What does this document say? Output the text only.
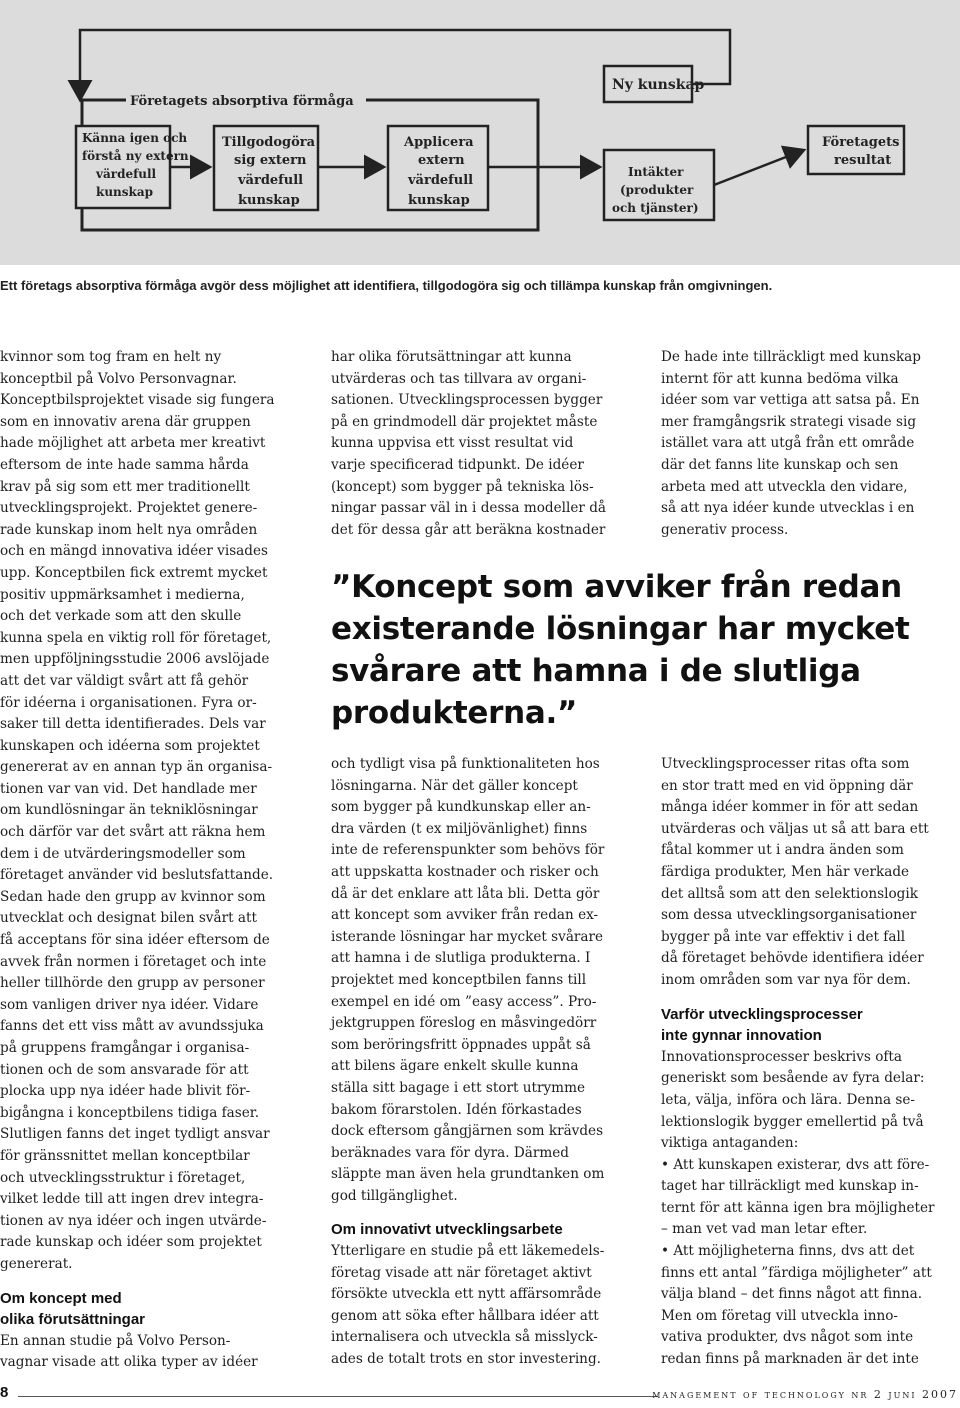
Företagets absorptiva förmåga
Känna igen och förstå ny extern värdefull kunskap
Tillgodogöra sig extern värdefull kunskap
Applicera extern värdefull kunskap
Ny kunskap
Intäkter (produkter och tjänster)
Företagets resultat
Ett företags absorptiva förmåga avgör dess möjlighet att identifiera, tillgodogöra sig och tillämpa kunskap från omgivningen.

kvinnor som tog fram en helt ny
konceptbil på Volvo Personvagnar.
Konceptbilsprojektet visade sig fungera
som en innovativ arena där gruppen
hade möjlighet att arbeta mer kreativt
eftersom de inte hade samma hårda
krav på sig som ett mer traditionellt
utvecklingsprojekt. Projektet genere-
rade kunskap inom helt nya områden
och en mängd innovativa idéer visades
upp. Konceptbilen fick extremt mycket
positiv uppmärksamhet i medierna,
och det verkade som att den skulle
kunna spela en viktig roll för företaget,
men uppföljningsstudie 2006 avslöjade
att det var väldigt svårt att få gehör
för idéerna i organisationen. Fyra or-
saker till detta identifierades. Dels var
kunskapen och idéerna som projektet
genererat av en annan typ än organisa-
tionen var van vid. Det handlade mer
om kundlösningar än tekniklösningar
och därför var det svårt att räkna hem
dem i de utvärderingsmodeller som
företaget använder vid beslutsfattande.
Sedan hade den grupp av kvinnor som
utvecklat och designat bilen svårt att
få acceptans för sina idéer eftersom de
avvek från normen i företaget och inte
heller tillhörde den grupp av personer
som vanligen driver nya idéer. Vidare
fanns det ett viss mått av avundssjuka
på gruppens framgångar i organisa-
tionen och de som ansvarade för att
plocka upp nya idéer hade blivit för-
bigångna i konceptbilens tidiga faser.
Slutligen fanns det inget tydligt ansvar
för gränssnittet mellan konceptbilar
och utvecklingsstruktur i företaget,
vilket ledde till att ingen drev integra-
tionen av nya idéer och ingen utvärde-
rade kunskap och idéer som projektet
genererat.

Om koncept med
olika förutsättningar

En annan studie på Volvo Person-
vagnar visade att olika typer av idéer

har olika förutsättningar att kunna
utvärderas och tas tillvara av organi-
sationen. Utvecklingsprocessen bygger
på en grindmodell där projektet måste
kunna uppvisa ett visst resultat vid
varje specificerad tidpunkt. De idéer
(koncept) som bygger på tekniska lös-
ningar passar väl in i dessa modeller då
det för dessa går att beräkna kostnader

De hade inte tillräckligt med kunskap
internt för att kunna bedöma vilka
idéer som var vettiga att satsa på. En
mer framgångsrik strategi visade sig
istället vara att utgå från ett område
där det fanns lite kunskap och sen
arbeta med att utveckla den vidare,
så att nya idéer kunde utvecklas i en
generativ process.

”Koncept som avviker från redan
existerande lösningar har mycket
svårare att hamna i de slutliga
produkterna.”

och tydligt visa på funktionaliteten hos
lösningarna. När det gäller koncept
som bygger på kundkunskap eller an-
dra värden (t ex miljövänlighet) finns
inte de referenspunkter som behövs för
att uppskatta kostnader och risker och
då är det enklare att låta bli. Detta gör
att koncept som avviker från redan ex-
isterande lösningar har mycket svårare
att hamna i de slutliga produkterna. I
projektet med konceptbilen fanns till
exempel en idé om ”easy access”. Pro-
jektgruppen föreslog en måsvingedörr
som beröringsfritt öppnades uppåt så
att bilens ägare enkelt skulle kunna
ställa sitt bagage i ett stort utrymme
bakom förarstolen. Idén förkastades
dock eftersom gångjärnen som krävdes
beräknades vara för dyra. Därmed
släppte man även hela grundtanken om
god tillgänglighet.

Om innovativt utvecklingsarbete

Ytterligare en studie på ett läkemedels-
företag visade att när företaget aktivt
försökte utveckla ett nytt affärsområde
genom att söka efter hållbara idéer att
internalisera och utveckla så misslyck-
ades de totalt trots en stor investering.

Utvecklingsprocesser ritas ofta som
en stor tratt med en vid öppning där
många idéer kommer in för att sedan
utvärderas och väljas ut så att bara ett
fåtal kommer ut i andra änden som
färdiga produkter, Men här verkade
det alltså som att den selektionslogik
som dessa utvecklingsorganisationer
bygger på inte var effektiv i det fall
då företaget behövde identifiera idéer
inom områden som var nya för dem.

Varför utvecklingsprocesser
inte gynnar innovation

Innovationsprocesser beskrivs ofta
generiskt som besående av fyra delar:
leta, välja, införa och lära. Denna se-
lektionslogik bygger emellertid på två
viktiga antaganden:
• Att kunskapen existerar, dvs att före-
taget har tillräckligt med kunskap in-
ternt för att känna igen bra möjligheter
– man vet vad man letar efter.
• Att möjligheterna finns, dvs att det
finns ett antal ”färdiga möjligheter” att
välja bland – det finns något att finna.
Men om företag vill utveckla inno-
vativa produkter, dvs något som inte
redan finns på marknaden är det inte

8	management of technology nr 2 juni 2007
